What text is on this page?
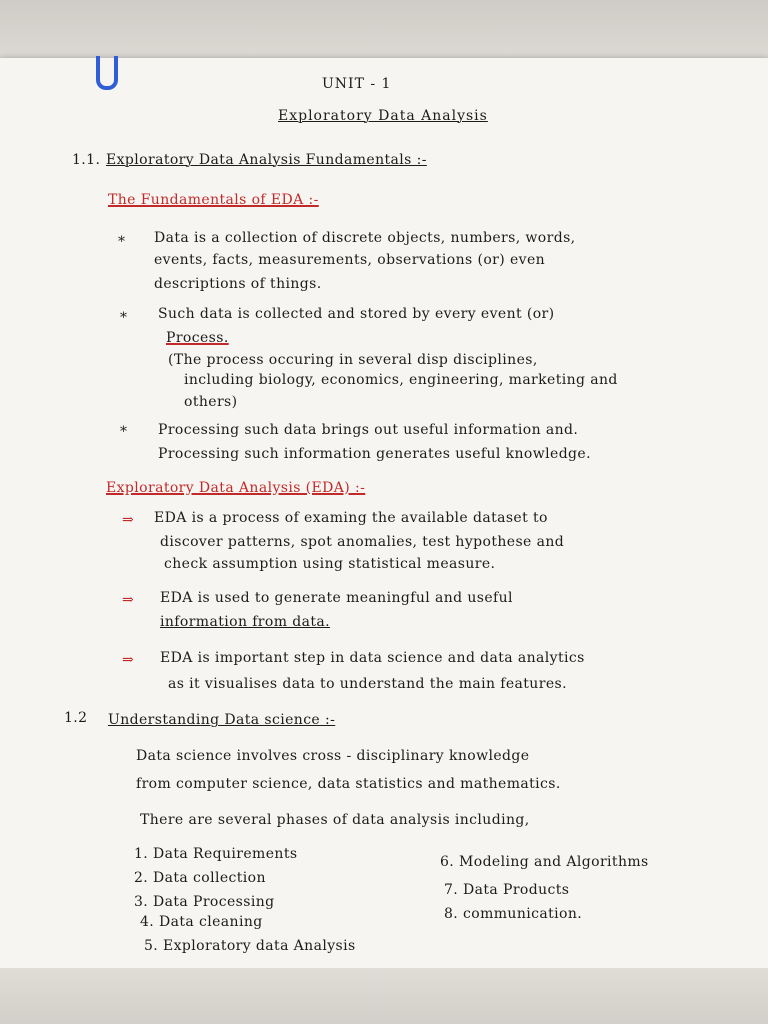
UNIT - 1
Exploratory Data Analysis
1.1. Exploratory Data Analysis Fundamentals :-
The Fundamentals of EDA :-
* Data is a collection of discrete objects, numbers, words,
events, facts, measurements, observations (or) even
descriptions of things.
* Such data is collected and stored by every event (or)
Process.
(The process occuring in several disp disciplines,
including biology, economics, engineering, marketing and
others)
* Processing such data brings out useful information and.
Processing such information generates useful knowledge.
Exploratory Data Analysis (EDA) :-
⇒ EDA is a process of examing the available dataset to
discover patterns, spot anomalies, test hypothese and
check assumption using statistical measure.
⇒ EDA is used to generate meaningful and useful
information from data.
⇒ EDA is important step in data science and data analytics
as it visualises data to understand the main features.
1.2 Understanding Data science :-
Data science involves cross - disciplinary knowledge
from computer science, data statistics and mathematics.
There are several phases of data analysis including,
1. Data Requirements
2. Data collection
3. Data Processing
4. Data cleaning
5. Exploratory data Analysis
6. Modeling and Algorithms
7. Data Products
8. communication.
